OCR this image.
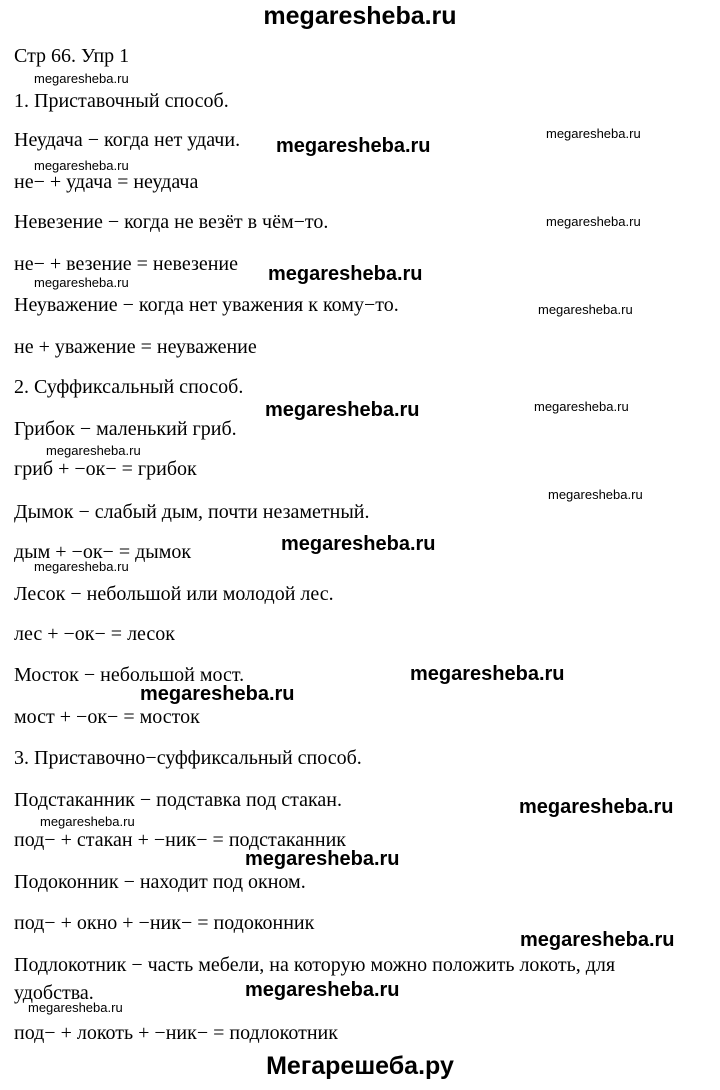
megaresheba.ru
Стр 66. Упр 1
1. Приставочный способ.
Неудача − когда нет удачи.
не− + удача = неудача
Невезение − когда не везёт в чём−то.
не− + везение = невезение
Неуважение − когда нет уважения к кому−то.
не + уважение = неуважение
2. Суффиксальный способ.
Грибок − маленький гриб.
гриб + −ок− = грибок
Дымок − слабый дым, почти незаметный.
дым + −ок− = дымок
Лесок − небольшой или молодой лес.
лес + −ок− = лесок
Мосток − небольшой мост.
мост + −ок− = мосток
3. Приставочно−суффиксальный способ.
Подстаканник − подставка под стакан.
под− + стакан + −ник− = подстаканник
Подоконник − находит под окном.
под− + окно + −ник− = подоконник
Подлокотник − часть мебели, на которую можно положить локоть, для
удобства.
под− + локоть + −ник− = подлокотник
megaresheba.ru
megaresheba.ru
megaresheba.ru
megaresheba.ru
megaresheba.ru
megaresheba.ru
megaresheba.ru
megaresheba.ru
megaresheba.ru
megaresheba.ru
megaresheba.ru
megaresheba.ru
megaresheba.ru
megaresheba.ru
megaresheba.ru
megaresheba.ru
megaresheba.ru
megaresheba.ru
megaresheba.ru
megaresheba.ru
megaresheba.ru
megaresheba.ru
Мегарешеба.ру
